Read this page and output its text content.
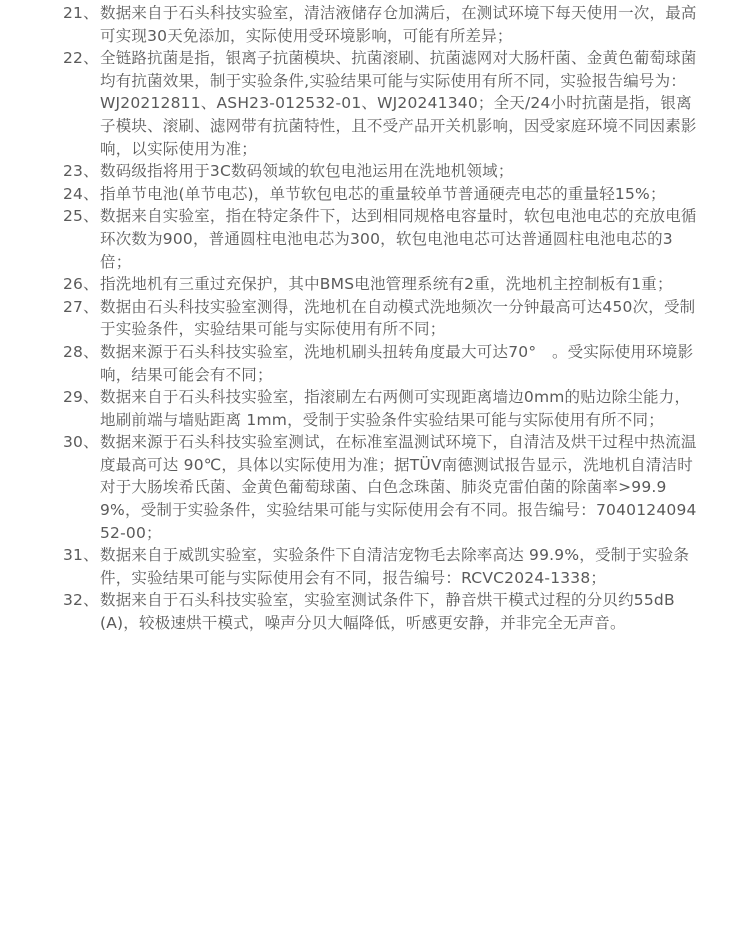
21、 数据来自于石头科技实验室，清洁液储存仓加满后，在测试环境下每天使用一次，最高可实现30天免添加，实际使用受环境影响，可能有所差异；
22、 全链路抗菌是指，银离子抗菌模块、抗菌滚刷、抗菌滤网对大肠杆菌、金黄色葡萄球菌均有抗菌效果，制于实验条件,实验结果可能与实际使用有所不同，实验报告编号为：WJ20212811、ASH23-012532-01、WJ20241340；全天/24小时抗菌是指，银离子模块、滚刷、滤网带有抗菌特性，且不受产品开关机影响，因受家庭环境不同因素影响，以实际使用为准；
23、 数码级指将用于3C数码领域的软包电池运用在洗地机领域；
24、 指单节电池(单节电芯)，单节软包电芯的重量较单节普通硬壳电芯的重量轻15%；
25、 数据来自实验室，指在特定条件下，达到相同规格电容量时，软包电池电芯的充放电循环次数为900，普通圆柱电池电芯为300，软包电池电芯可达普通圆柱电池电芯的3倍；
26、 指洗地机有三重过充保护，其中BMS电池管理系统有2重，洗地机主控制板有1重；
27、 数据由石头科技实验室测得，洗地机在自动模式洗地频次一分钟最高可达450次，受制于实验条件，实验结果可能与实际使用有所不同；
28、 数据来源于石头科技实验室，洗地机刷头扭转角度最大可达70°　。受实际使用环境影响，结果可能会有不同；
29、 数据来自于石头科技实验室，指滚刷左右两侧可实现距离墙边0mm的贴边除尘能力，地刷前端与墙贴距离 1mm，受制于实验条件实验结果可能与实际使用有所不同；
30、 数据来源于石头科技实验室测试，在标准室温测试环境下，自清洁及烘干过程中热流温度最高可达 90℃，具体以实际使用为准；据TÜV南德测试报告显示，洗地机自清洁时对于大肠埃希氏菌、金黄色葡萄球菌、白色念珠菌、肺炎克雷伯菌的除菌率>99.99%，受制于实验条件，实验结果可能与实际使用会有不同。报告编号：704012409452-00；
31、 数据来自于威凯实验室，实验条件下自清洁宠物毛去除率高达 99.9%，受制于实验条件，实验结果可能与实际使用会有不同，报告编号：RCVC2024-1338；
32、 数据来自于石头科技实验室，实验室测试条件下，静音烘干模式过程的分贝约55dB(A)，较极速烘干模式，噪声分贝大幅降低，听感更安静，并非完全无声音。
